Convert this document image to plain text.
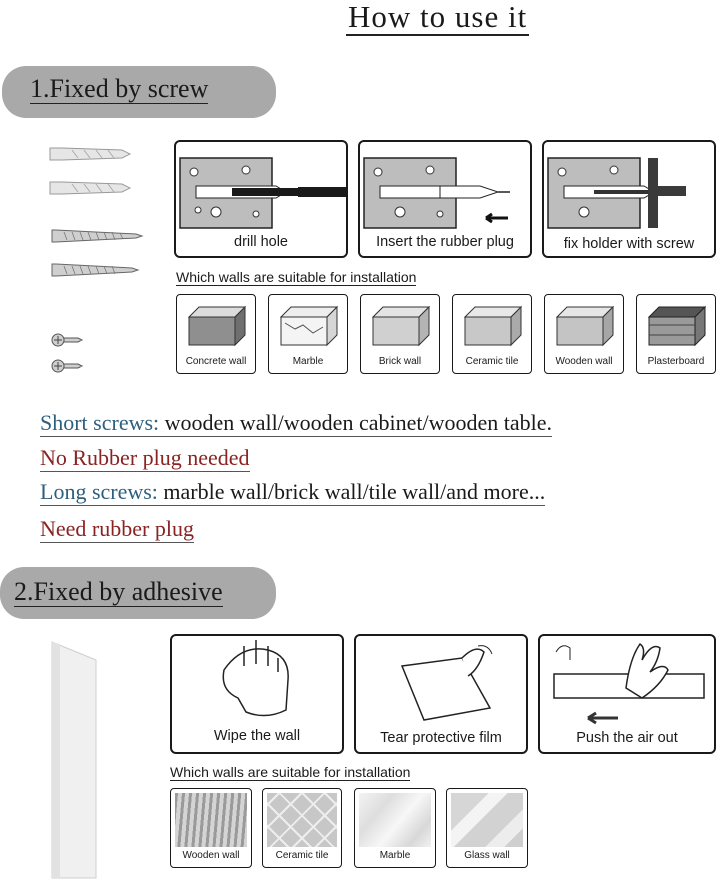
How to use it
1.Fixed by screw
drill hole	Insert the rubber plug	fix holder with screw
Which walls are suitable for installation
Concrete wall	Marble	Brick wall	Ceramic tile	Wooden wall	Plasterboard
Short screws: wooden wall/wooden cabinet/wooden table.
No Rubber plug needed
Long screws: marble wall/brick wall/tile wall/and more...
Need rubber plug
2.Fixed by adhesive
Wipe the wall	Tear protective film	Push the air out
Which walls are suitable for installation
Wooden wall	Ceramic tile	Marble	Glass wall
